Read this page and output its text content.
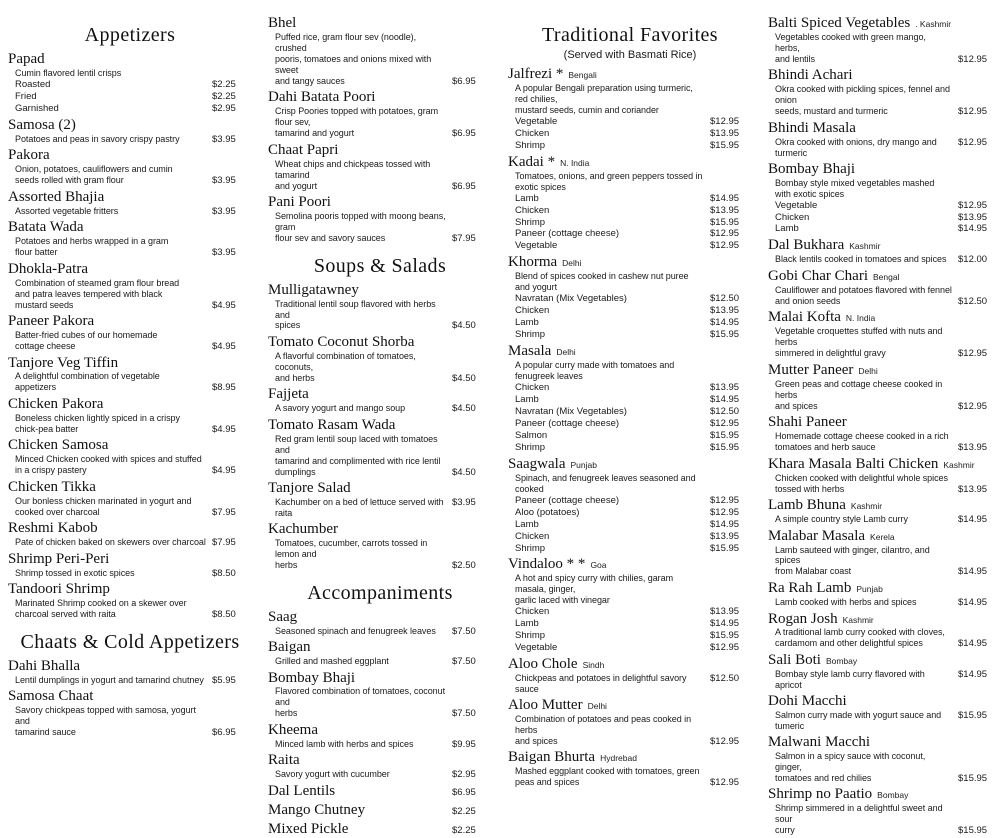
Appetizers
Papad
Cumin flavored lentil crisps
Roasted	$2.25
Fried	$2.25
Garnished	$2.95
Samosa (2)
Potatoes and peas in savory crispy pastry	$3.95
Pakora
Onion, potatoes, cauliflowers and cumin
seeds rolled with gram flour	$3.95
Assorted Bhajia
Assorted vegetable fritters	$3.95
Batata Wada
Potatoes and herbs wrapped in a gram
flour batter	$3.95
Dhokla-Patra
Combination of steamed gram flour bread
and patra leaves tempered with black
mustard seeds	$4.95
Paneer Pakora
Batter-fried cubes of our homemade
cottage cheese	$4.95
Tanjore Veg Tiffin
A delightful combination of vegetable
appetizers	$8.95
Chicken Pakora
Boneless chicken lightly spiced in a crispy
chick-pea batter	$4.95
Chicken Samosa
Minced Chicken cooked with spices and stuffed
in a crispy pastery	$4.95
Chicken Tikka
Our bonless chicken marinated in yogurt and
cooked over charcoal	$7.95
Reshmi Kabob
Pate of chicken baked on skewers over charcoal $7.95
Shrimp Peri-Peri
Shrimp tossed in exotic spices	$8.50
Tandoori Shrimp
Marinated Shrimp cooked on a skewer over
charcoal served with raita	$8.50
Chaats & Cold Appetizers
Dahi Bhalla
Lentil dumplings in yogurt and tamarind chutney $5.95
Samosa Chaat
Savory chickpeas topped with samosa, yogurt and
tamarind sauce	$6.95
Bhel
Puffed rice, gram flour sev (noodle), crushed
pooris, tomatoes and onions mixed with sweet
and tangy sauces	$6.95
Dahi Batata Poori
Crisp Poories topped with potatoes, gram flour sev,
tamarind and yogurt	$6.95
Chaat Papri
Wheat chips and chickpeas tossed with tamarind
and yogurt	$6.95
Pani Poori
Semolina pooris topped with moong beans, gram
flour sev and savory sauces	$7.95
Soups & Salads
Mulligatawney
Traditional lentil soup flavored with herbs and
spices	$4.50
Tomato Coconut Shorba
A flavorful combination of tomatoes, coconuts,
and herbs	$4.50
Fajjeta
A savory yogurt and mango soup	$4.50
Tomato Rasam Wada
Red gram lentil soup laced with tomatoes and
tamarind and complimented with rice lentil
dumplings	$4.50
Tanjore Salad
Kachumber on a bed of lettuce served with raita
$3.95
Kachumber
Tomatoes, cucumber, carrots tossed in lemon and
herbs	$2.50
Accompaniments
Saag
Seasoned spinach and fenugreek leaves	$7.50
Baigan
Grilled and mashed eggplant	$7.50
Bombay Bhaji
Flavored combination of tomatoes, coconut and
herbs	$7.50
Kheema
Minced lamb with herbs and spices	$9.95
Raita
Savory yogurt with cucumber	$2.95
Dal Lentils	$6.95
Mango Chutney	$2.25
Mixed Pickle	$2.25
Traditional Favorites
(Served with Basmati Rice)
Jalfrezi * Bengali
A popular Bengali preparation using turmeric, red chilies,
mustard seeds, cumin and coriander
Vegetable	$12.95
Chicken	$13.95
Shrimp	$15.95
Kadai * N. India
Tomatoes, onions, and green peppers tossed in exotic spices
Lamb	$14.95
Chicken	$13.95
Shrimp	$15.95
Paneer (cottage cheese)	$12.95
Vegetable	$12.95
Khorma Delhi
Blend of spices cooked in cashew nut puree and yogurt
Navratan (Mix Vegetables)	$12.50
Chicken	$13.95
Lamb	$14.95
Shrimp	$15.95
Masala Delhi
A popular curry made with tomatoes and fenugreek leaves
Chicken	$13.95
Lamb	$14.95
Navratan (Mix Vegetables)	$12.50
Paneer (cottage cheese)	$12.95
Salmon	$15.95
Shrimp	$15.95
Saagwala Punjab
Spinach, and fenugreek leaves seasoned and cooked
Paneer (cottage cheese)	$12.95
Aloo (potatoes)	$12.95
Lamb	$14.95
Chicken	$13.95
Shrimp	$15.95
Vindaloo * * Goa
A hot and spicy curry with chilies, garam masala, ginger,
garlic laced with vinegar
Chicken	$13.95
Lamb	$14.95
Shrimp	$15.95
Vegetable	$12.95
Aloo Chole Sindh
Chickpeas and potatoes in delightful savory sauce
$12.50
Aloo Mutter Delhi
Combination of potatoes and peas cooked in herbs
and spices	$12.95
Baigan Bhurta Hydrebad
Mashed eggplant cooked with tomatoes, green
peas and spices	$12.95
Balti Spiced Vegetables . Kashmir
Vegetables cooked with green mango, herbs,
and lentils	$12.95
Bhindi Achari
Okra cooked with pickling spices, fennel and onion
seeds, mustard and turmeric	$12.95
Bhindi Masala
Okra cooked with onions, dry mango and turmeric
$12.95
Bombay Bhaji
Bombay style mixed vegetables mashed with exotic spices
Vegetable	$12.95
Chicken	$13.95
Lamb	$14.95
Dal Bukhara Kashmir
Black lentils cooked in tomatoes and spices	$12.00
Gobi Char Chari Bengal
Cauliflower and potatoes flavored with fennel
and onion seeds	$12.50
Malai Kofta N. India
Vegetable croquettes stuffed with nuts and herbs
simmered in delightful gravy	$12.95
Mutter Paneer Delhi
Green peas and cottage cheese cooked in herbs
and spices	$12.95
Shahi Paneer
Homemade cottage cheese cooked in a rich
tomatoes and herb sauce	$13.95
Khara Masala Balti Chicken Kashmir
Chicken cooked with delightful whole spices
tossed with herbs	$13.95
Lamb Bhuna Kashmir
A simple country style Lamb curry	$14.95
Malabar Masala Kerela
Lamb sauteed with ginger, cilantro, and spices
from Malabar coast	$14.95
Ra Rah Lamb Punjab
Lamb cooked with herbs and spices	$14.95
Rogan Josh Kashmir
A traditional lamb curry cooked with cloves,
cardamom and other delightful spices	$14.95
Sali Boti Bombay
Bombay style lamb curry flavored with apricot
$14.95
Dohi Macchi
Salmon curry made with yogurt sauce and tumeric
$15.95
Malwani Macchi
Salmon in a spicy sauce with coconut, ginger,
tomatoes and red chilies	$15.95
Shrimp no Paatio Bombay
Shrimp simmered in a delightful sweet and sour
curry	$15.95
